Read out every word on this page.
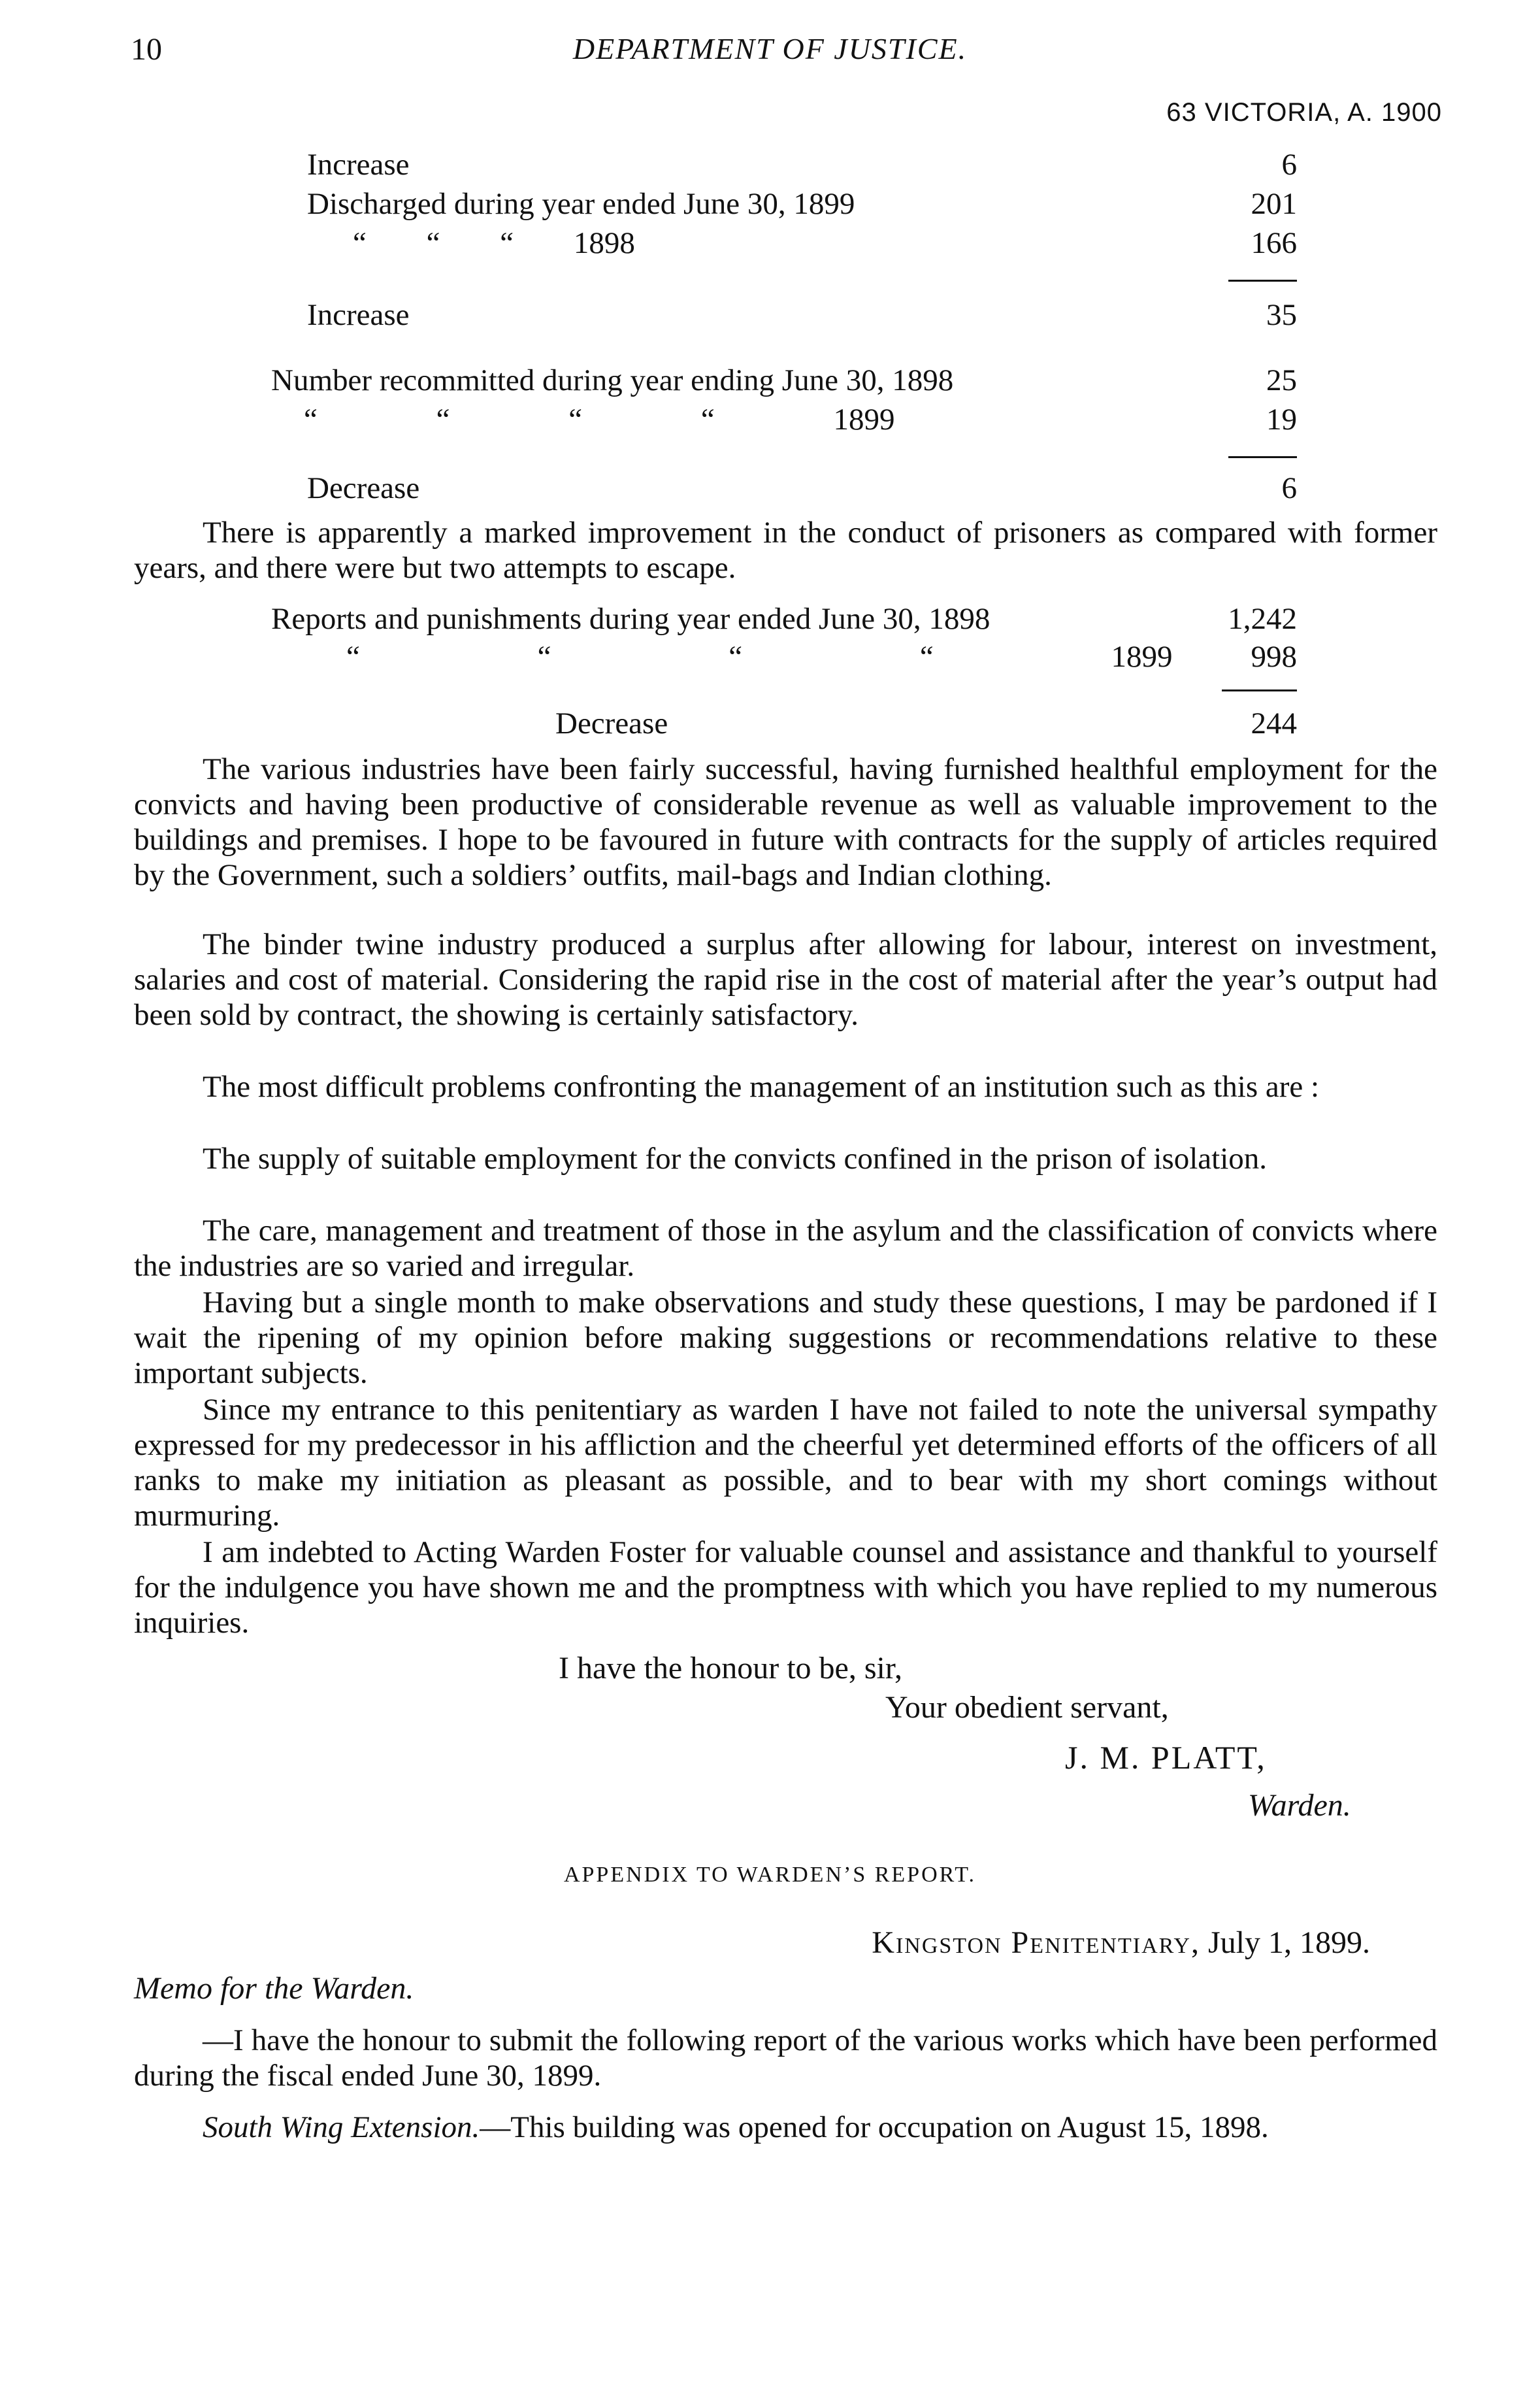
10	DEPARTMENT OF JUSTICE.
63 VICTORIA, A. 1900
Increase	6
Discharged during year ended June 30, 1899	201
“ “ “ 1898	166
Increase	35
Number recommitted during year ending June 30, 1898	25
“ “ “ “ 1899	19
Decrease	6
There is apparently a marked improvement in the conduct of prisoners as compared with former years, and there were but two attempts to escape.
Reports and punishments during year ended June 30, 1898	1,242
“ “ “ “ 1899	998
Decrease	244
The various industries have been fairly successful, having furnished healthful employment for the convicts and having been productive of considerable revenue as well as valuable improvement to the buildings and premises. I hope to be favoured in future with contracts for the supply of articles required by the Government, such a soldiers’ outfits, mail-bags and Indian clothing.
The binder twine industry produced a surplus after allowing for labour, interest on investment, salaries and cost of material. Considering the rapid rise in the cost of material after the year’s output had been sold by contract, the showing is certainly satisfactory.
The most difficult problems confronting the management of an institution such as this are :
The supply of suitable employment for the convicts confined in the prison of isolation.
The care, management and treatment of those in the asylum and the classification of convicts where the industries are so varied and irregular.
Having but a single month to make observations and study these questions, I may be pardoned if I wait the ripening of my opinion before making suggestions or recommendations relative to these important subjects.
Since my entrance to this penitentiary as warden I have not failed to note the universal sympathy expressed for my predecessor in his affliction and the cheerful yet determined efforts of the officers of all ranks to make my initiation as pleasant as possible, and to bear with my short comings without murmuring.
I am indebted to Acting Warden Foster for valuable counsel and assistance and thankful to yourself for the indulgence you have shown me and the promptness with which you have replied to my numerous inquiries.
I have the honour to be, sir,
Your obedient servant,
J. M. PLATT,
Warden.
APPENDIX TO WARDEN’S REPORT.
Kingston Penitentiary, July 1, 1899.
Memo for the Warden.
—I have the honour to submit the following report of the various works which have been performed during the fiscal ended June 30, 1899.
South Wing Extension.—This building was opened for occupation on August 15, 1898.
